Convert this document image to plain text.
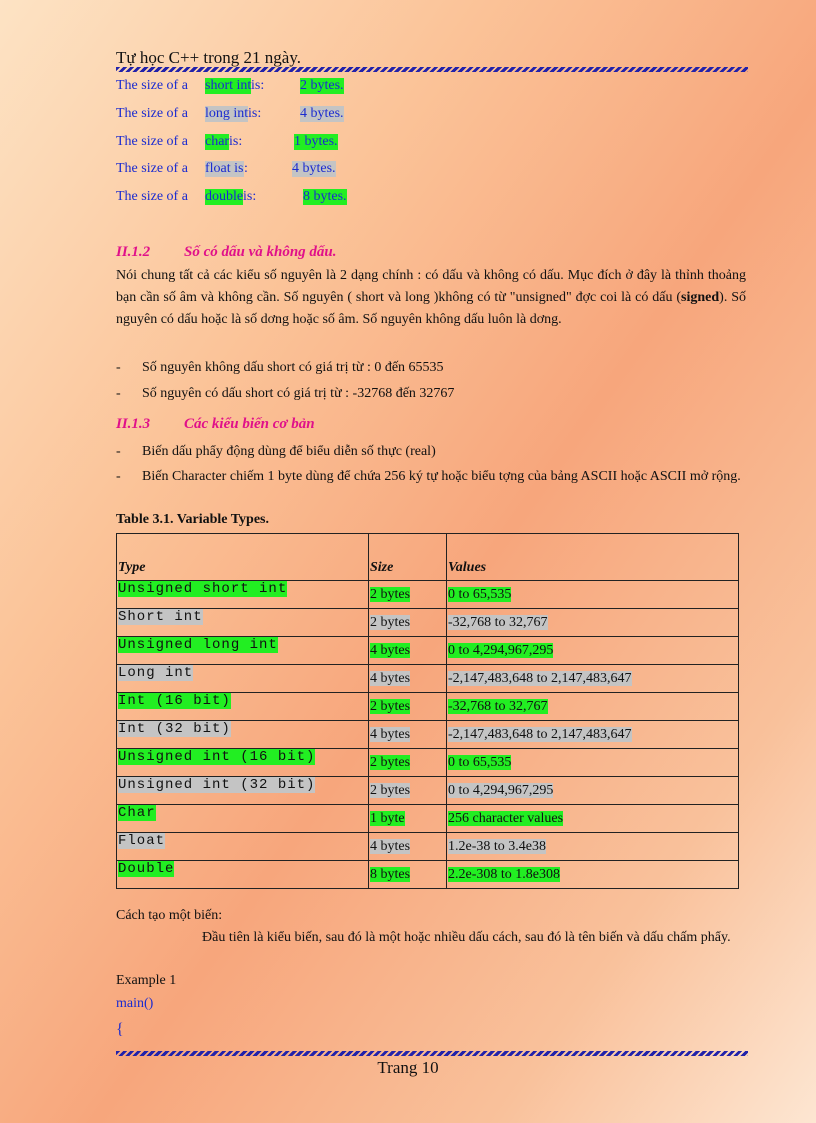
Tự học C++ trong 21 ngày.
The size of a short int is:	2 bytes.
The size of a long int is:	4 bytes.
The size of a char is:	1 bytes.
The size of a float is :	4 bytes.
The size of a double is:	8 bytes.
II.1.2 Số có dấu và không dấu.
Nói chung tất cả các kiểu số nguyên là 2 dạng chính : có dấu và không có dấu. Mục đích ở đây là thỉnh thoảng bạn cần số âm và không cần. Số nguyên ( short và long )không có từ "unsigned" đợc coi là có dấu (signed). Số nguyên có dấu hoặc là số dơng hoặc số âm. Số nguyên không dấu luôn là dơng.
- Số nguyên không dấu short có giá trị từ : 0 đến 65535
- Số nguyên có dấu short có giá trị từ : -32768 đến 32767
II.1.3 Các kiểu biến cơ bản
- Biến dấu phẩy động dùng để biểu diễn số thực (real)
- Biến Character chiếm 1 byte dùng để chứa 256 ký tự hoặc biểu tợng của bảng ASCII hoặc ASCII mở rộng.
Table 3.1. Variable Types.
Type	Size	Values
Unsigned short int	2 bytes	0 to 65,535
Short int	2 bytes	-32,768 to 32,767
Unsigned long int	4 bytes	0 to 4,294,967,295
Long int	4 bytes	-2,147,483,648 to 2,147,483,647
Int (16 bit)	2 bytes	-32,768 to 32,767
Int (32 bit)	4 bytes	-2,147,483,648 to 2,147,483,647
Unsigned int (16 bit)	2 bytes	0 to 65,535
Unsigned int (32 bit)	2 bytes	0 to 4,294,967,295
Char	1 byte	256 character values
Float	4 bytes	1.2e-38 to 3.4e38
Double	8 bytes	2.2e-308 to 1.8e308
Cách tạo một biến:
Đầu tiên là kiểu biến, sau đó là một hoặc nhiều dấu cách, sau đó là tên biến và dấu chấm phẩy.
Example 1
main()
{
Trang 10
